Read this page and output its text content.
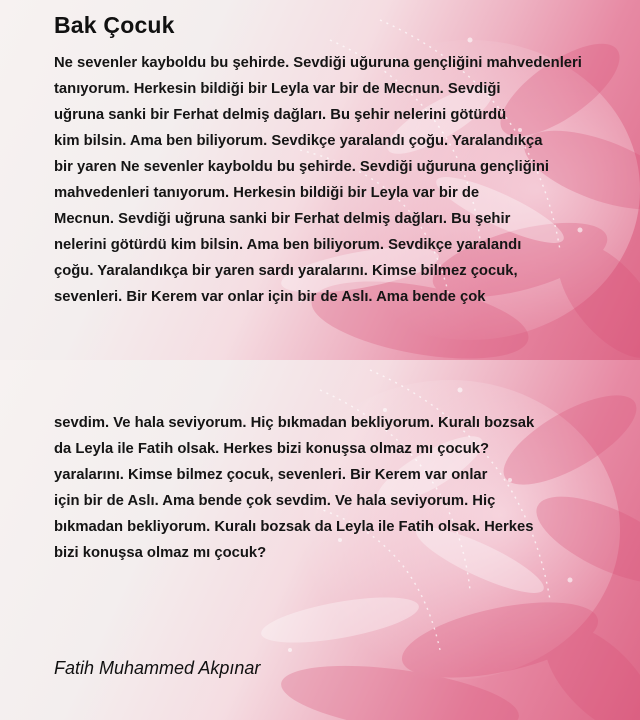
Bak Çocuk
Ne sevenler kayboldu bu şehirde. Sevdiği uğuruna gençliğini mahvedenleri
tanıyorum. Herkesin bildiği bir Leyla var bir de Mecnun. Sevdiği
uğruna sanki bir Ferhat delmiş dağları. Bu şehir nelerini götürdü
kim bilsin. Ama ben biliyorum. Sevdikçe yaralandı çoğu. Yaralandıkça
bir yaren Ne sevenler kayboldu bu şehirde. Sevdiği uğuruna gençliğini
mahvedenleri tanıyorum. Herkesin bildiği bir Leyla var bir de
Mecnun. Sevdiği uğruna sanki bir Ferhat delmiş dağları. Bu şehir
nelerini götürdü kim bilsin. Ama ben biliyorum. Sevdikçe yaralandı
çoğu. Yaralandıkça bir yaren sardı yaralarını. Kimse bilmez çocuk,
sevenleri. Bir Kerem var onlar için bir de Aslı. Ama bende çok
sevdim. Ve hala seviyorum. Hiç bıkmadan bekliyorum. Kuralı bozsak
da Leyla ile Fatih olsak. Herkes bizi konuşsa olmaz mı çocuk?
yaralarını. Kimse bilmez çocuk, sevenleri. Bir Kerem var onlar
için bir de Aslı. Ama bende çok sevdim. Ve hala seviyorum. Hiç
bıkmadan bekliyorum. Kuralı bozsak da Leyla ile Fatih olsak. Herkes
bizi konuşsa olmaz mı çocuk?
Fatih Muhammed Akpınar
